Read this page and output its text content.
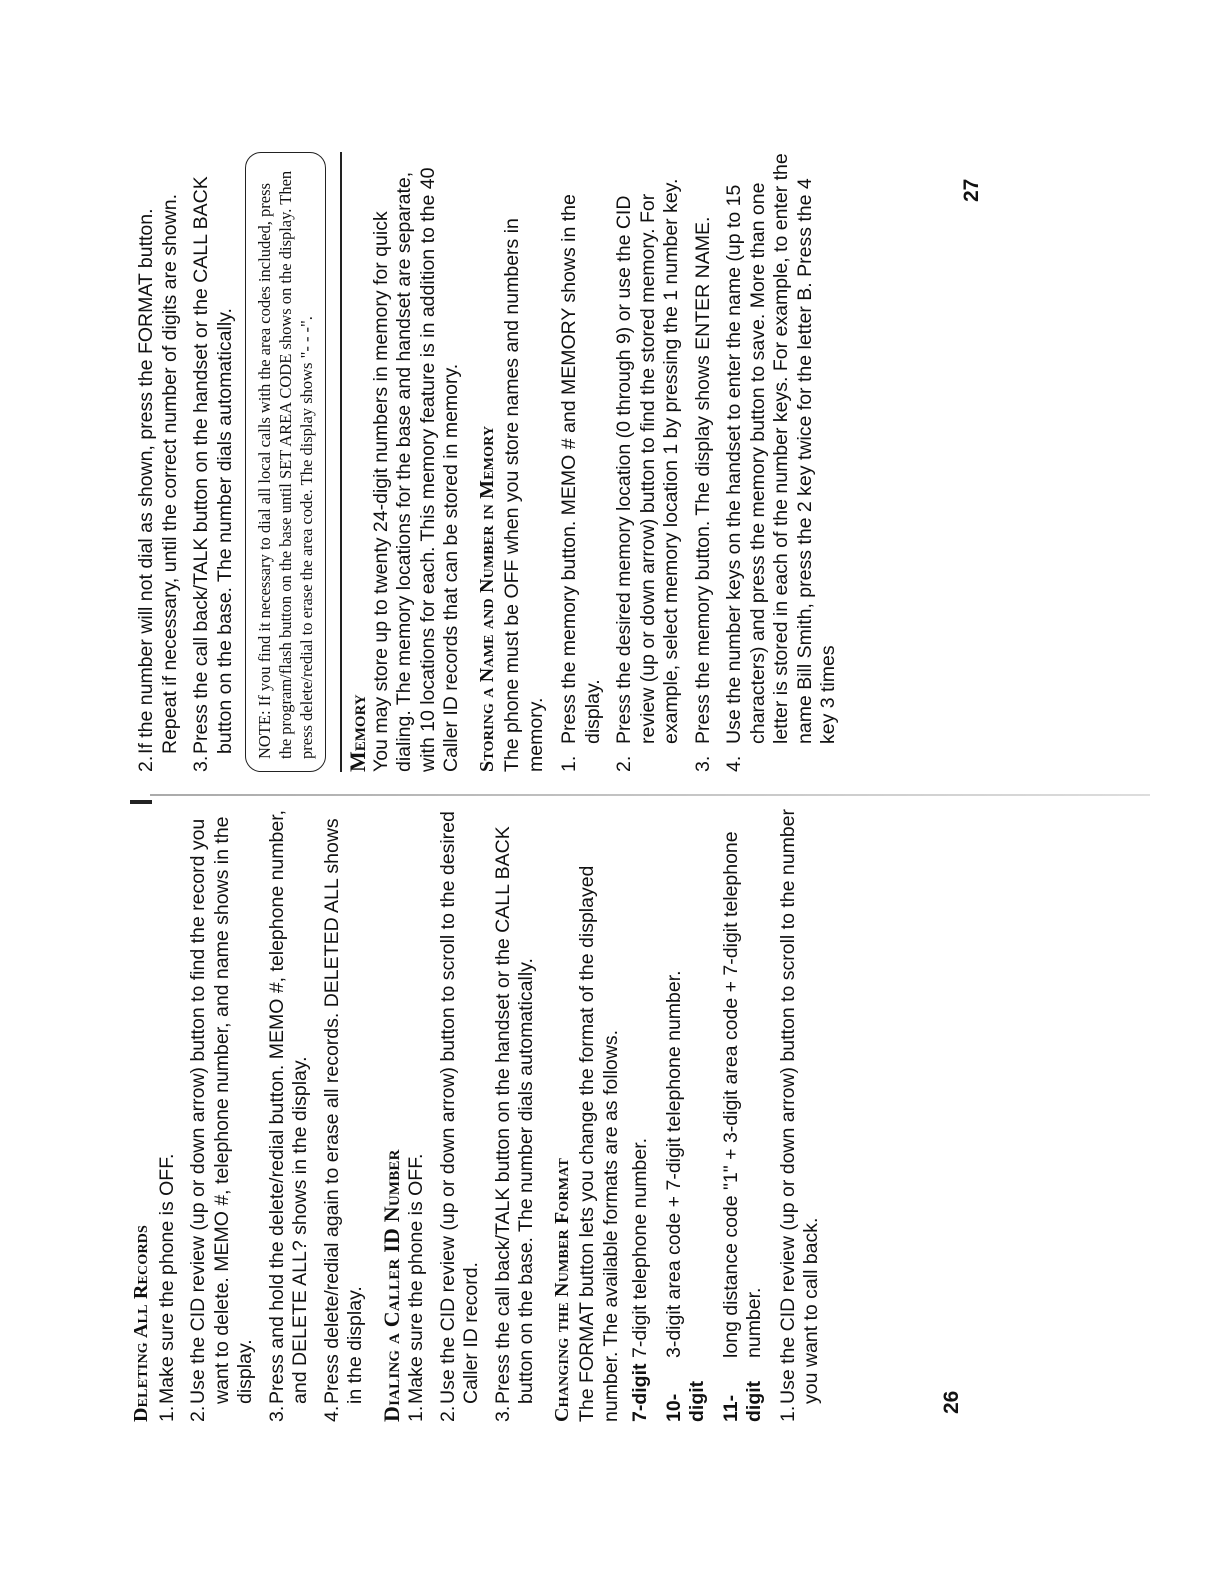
Deleting All Records 1.
Make sure the phone is OFF.
2.
Use the CID review (up or down arrow) button to find the record you want to delete. MEMO #, telephone number, and name shows in the display.
3.
Press and hold the delete/redial button. MEMO #, telephone number, and DELETE ALL? shows in the display.
4.
Press delete/redial again to erase all records. DELETED ALL shows in the display. Dialing a Caller ID Number 1.
Make sure the phone is OFF.
2.
Use the CID review (up or down arrow) button to scroll to the desired Caller ID record.
3.
Press the call back/TALK button on the handset or the CALL BACK button on the base. The number dials automatically. Changing the Number Format The FORMAT button lets you change the format of the displayed number. The available formats are as follows. 7-digit
7-digit telephone number.
10-digit
3-digit area code + 7-digit telephone number.
11-digit
long distance code "1" + 3-digit area code + 7-digit telephone number.
1.
Use the CID review (up or down arrow) button to scroll to the number you want to call back.	26
2.
If the number will not dial as shown, press the FORMAT button. Repeat if necessary, until the correct number of digits are shown.
3.
Press the call back/TALK button on the handset or the CALL BACK button on the base. The number dials automatically.	NOTE: If you find it necessary to dial all local calls with the area codes included, press the program/flash button on the base until SET AREA CODE shows on the display. Then press delete/redial to erase the area code. The display shows "- - -".	Memory You may store up to twenty 24-digit numbers in memory for quick dialing. The memory locations for the base and handset are separate, with 10 locations for each. This memory feature is in addition to the 40 Caller ID records that can be stored in memory. Storing a Name and Number in Memory The phone must be OFF when you store names and numbers in memory. 1.
Press the memory button. MEMO # and MEMORY shows in the display.
2.
Press the desired memory location (0 through 9) or use the CID review (up or down arrow) button to find the stored memory. For example, select memory location 1 by pressing the 1 number key.
3.
Press the memory button. The display shows ENTER NAME.
4.
Use the number keys on the handset to enter the name (up to 15 characters) and press the memory button to save. More than one letter is stored in each of the number keys. For example, to enter the name Bill Smith, press the 2 key twice for the letter B. Press the 4 key 3 times
27
